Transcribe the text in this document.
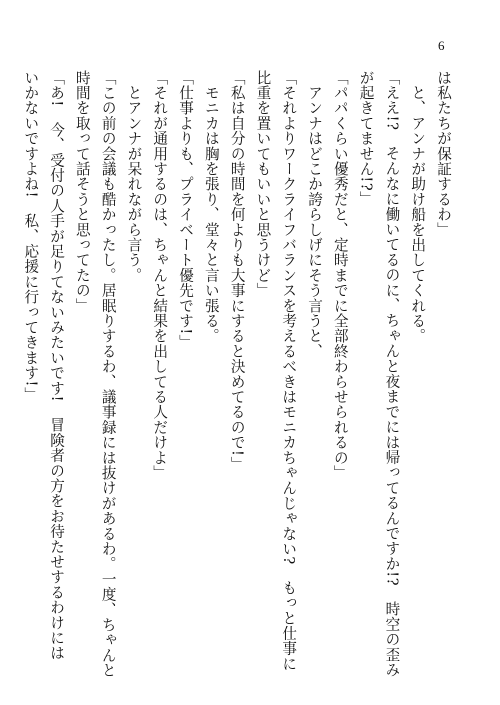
6

は私たちが保証するわ」

　と、アンナが助け船を出してくれる。

「ええ!?　そんなに働いてるのに、ちゃんと夜までには帰ってるんですか!?　時空の歪み

が起きてません!?」

「パパくらい優秀だと、定時までに全部終わらせられるの」

　アンナはどこか誇らしげにそう言うと、

「それよりワークライフバランスを考えるべきはモニカちゃんじゃない?　もっと仕事に

比重を置いてもいいと思うけど」

「私は自分の時間を何よりも大事にすると決めてるので!」

　モニカは胸を張り、堂々と言い張る。

「仕事よりも、プライベート優先です!」

「それが通用するのは、ちゃんと結果を出してる人だけよ」

　とアンナが呆れながら言う。

「この前の会議も酷かったし。居眠りするわ、議事録には抜けがあるわ。一度、ちゃんと

時間を取って話そうと思ってたの」

「あ!　今、受付の人手が足りてないみたいです!　冒険者の方をお待たせするわけには

いかないですよね!　私、応援に行ってきます!」
